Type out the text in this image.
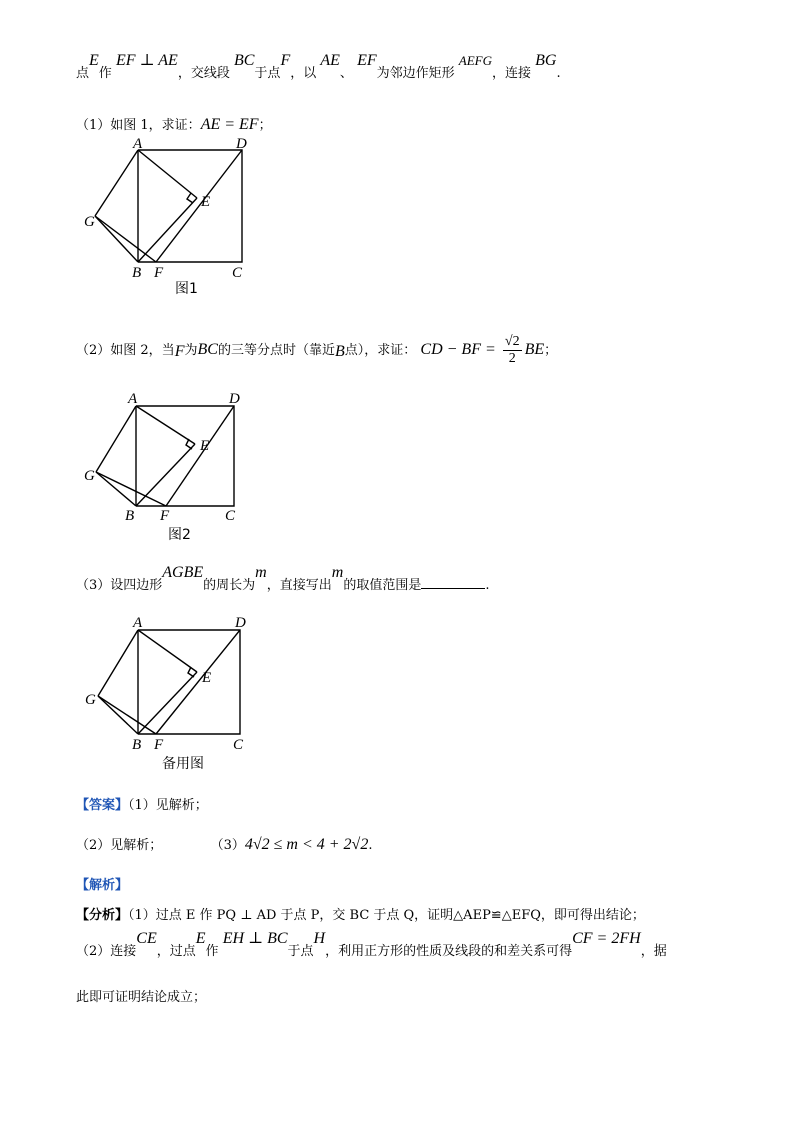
点E作 EF ⊥ AE，交线段 BC于点F，以 AE、 EF为邻边作矩形 AEFG，连接 BG.
（1）如图 1，求证：AE = EF；
A	D
E
G
B F	C
图1
（2）如图 2，当F为BC的三等分点时（靠近B点），求证： CD − BF = $\frac{√2}{2}$ BE；
A	D
E
G
B F	C
图2
（3）设四边形AGBE的周长为m，直接写出m的取值范围是	.
A	D
E
G
B F	C
备用图
【答案】（1）见解析；
（2）见解析；	（3）4√2 ≤ m < 4 + 2√2.
【解析】
【分析】（1）过点 E 作 PQ ⊥ AD 于点 P，交 BC 于点 Q，证明△AEP≌△EFQ，即可得出结论；
（2）连接CE，过点E作 EH ⊥ BC于点H，利用正方形的性质及线段的和差关系可得CF = 2FH，据
此即可证明结论成立；
